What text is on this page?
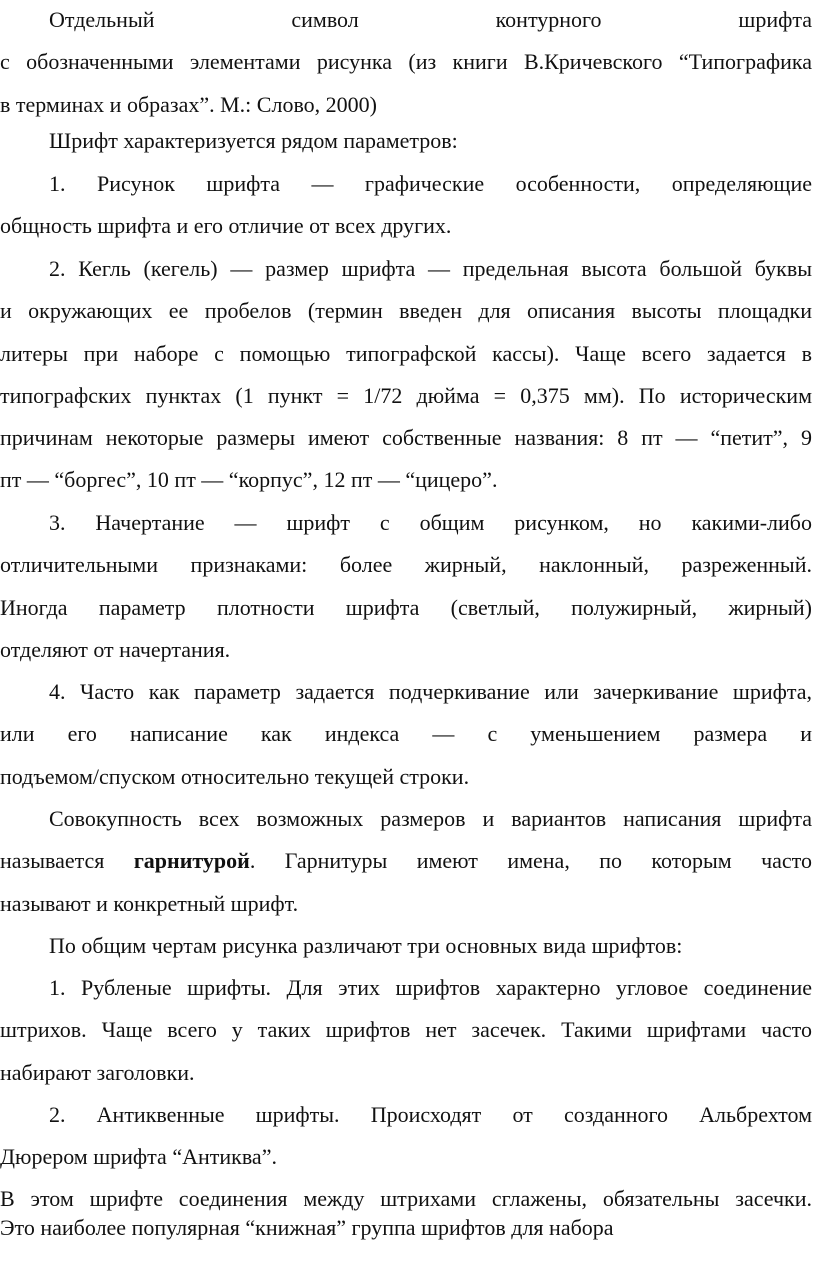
Отдельный символ контурного шрифта
с обозначенными элементами рисунка (из книги В.Кричевского “Типографика
в терминах и образах”. М.: Слово, 2000)
Шрифт характеризуется рядом параметров:
1. Рисунок шрифта — графические особенности, определяющие
общность шрифта и его отличие от всех других.
2. Кегль (кегель) — размер шрифта — предельная высота большой буквы
и окружающих ее пробелов (термин введен для описания высоты площадки
литеры при наборе с помощью типографской кассы). Чаще всего задается в
типографских пунктах (1 пункт = 1/72 дюйма = 0,375 мм). По историческим
причинам некоторые размеры имеют собственные названия: 8 пт — “петит”, 9
пт — “боргес”, 10 пт — “корпус”, 12 пт — “цицеро”.
3. Начертание — шрифт с общим рисунком, но какими-либо
отличительными признаками: более жирный, наклонный, разреженный.
Иногда параметр плотности шрифта (светлый, полужирный, жирный)
отделяют от начертания.
4. Часто как параметр задается подчеркивание или зачеркивание шрифта,
или его написание как индекса — с уменьшением размера и
подъемом/спуском относительно текущей строки.
Совокупность всех возможных размеров и вариантов написания шрифта
называется гарнитурой. Гарнитуры имеют имена, по которым часто
называют и конкретный шрифт.
По общим чертам рисунка различают три основных вида шрифтов:
1. Рубленые шрифты. Для этих шрифтов характерно угловое соединение
штрихов. Чаще всего у таких шрифтов нет засечек. Такими шрифтами часто
набирают заголовки.
2. Антиквенные шрифты. Происходят от созданного Альбрехтом
Дюрером шрифта “Антиква”.
В этом шрифте соединения между штрихами сглажены, обязательны засечки.
Это наиболее популярная “книжная” группа шрифтов для набора
